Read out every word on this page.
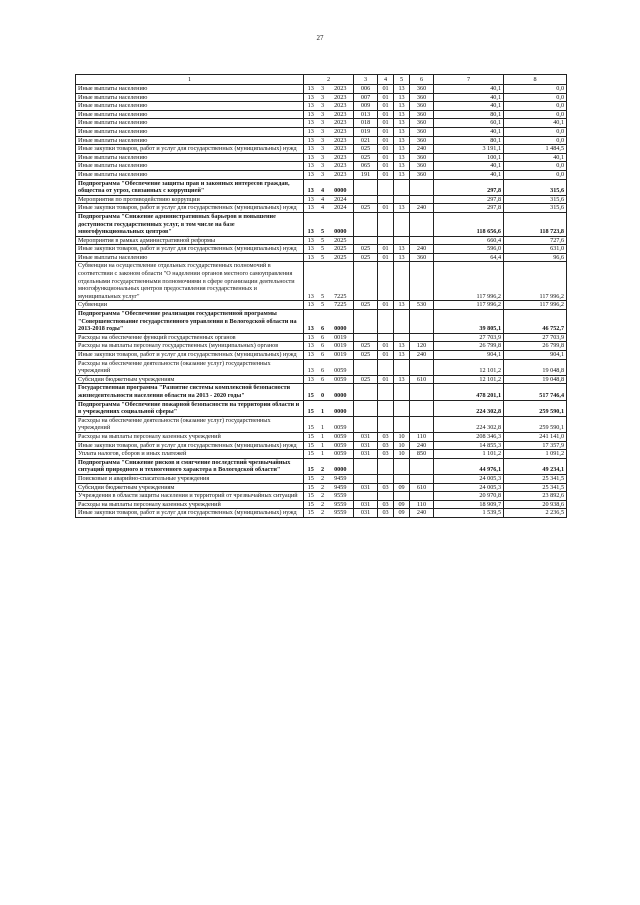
27
1	2			3	4	5	6	7	8
Иные выплаты населению	13	3	2023	006	01	13	360	40,1	0,0
Иные выплаты населению	13	3	2023	007	01	13	360	40,1	0,0
Иные выплаты населению	13	3	2023	009	01	13	360	40,1	0,0
Иные выплаты населению	13	3	2023	013	01	13	360	80,1	0,0
Иные выплаты населению	13	3	2023	018	01	13	360	60,1	40,1
Иные выплаты населению	13	3	2023	019	01	13	360	40,1	0,0
Иные выплаты населению	13	3	2023	021	01	13	360	80,1	0,0
Иные закупки товаров, работ и услуг для государственных (муниципальных) нужд	13	3	2023	025	01	13	240	3 191,1	1 484,5
Иные выплаты населению	13	3	2023	025	01	13	360	100,1	40,1
Иные выплаты населению	13	3	2023	065	01	13	360	40,1	0,0
Иные выплаты населению	13	3	2023	191	01	13	360	40,1	0,0
Подпрограмма "Обеспечение защиты прав и законных интересов граждан, общества от угроз, связанных с коррупцией"	13	4	0000					297,8	315,6
Мероприятия по противодействию коррупции	13	4	2024					297,8	315,6
Иные закупки товаров, работ и услуг для государственных (муниципальных) нужд	13	4	2024	025	01	13	240	297,8	315,6
Подпрограмма "Снижение административных барьеров и повышение доступности государственных услуг, в том числе на базе многофункциональных центров"	13	5	0000					118 656,6	118 723,8
Мероприятия в рамках административной реформы	13	5	2025					660,4	727,6
Иные закупки товаров, работ и услуг для государственных (муниципальных) нужд	13	5	2025	025	01	13	240	596,0	631,0
Иные выплаты населению	13	5	2025	025	01	13	360	64,4	96,6
Субвенции на осуществление отдельных государственных полномочий в соответствии с законом области "О наделении органов местного самоуправления отдельными государственными полномочиями в сфере организации деятельности многофункциональных центров предоставления государственных и муниципальных услуг"	13	5	7225					117 996,2	117 996,2
Субвенции	13	5	7225	025	01	13	530	117 996,2	117 996,2
Подпрограмма "Обеспечение реализации государственной программы "Совершенствование государственного управления в Вологодской области на 2013-2018 годы"	13	6	0000					39 805,1	46 752,7
Расходы на обеспечение функций государственных органов	13	6	0019					27 703,9	27 703,9
Расходы на выплаты персоналу государственных (муниципальных) органов	13	6	0019	025	01	13	120	26 799,8	26 799,8
Иные закупки товаров, работ и услуг для государственных (муниципальных) нужд	13	6	0019	025	01	13	240	904,1	904,1
Расходы на обеспечение деятельности (оказание услуг) государственных учреждений	13	6	0059					12 101,2	19 048,8
Субсидии бюджетным учреждениям	13	6	0059	025	01	13	610	12 101,2	19 048,8
Государственная программа "Развитие системы комплексной безопасности жизнедеятельности населения области на 2013 - 2020 годы"	15	0	0000					478 201,1	517 746,4
Подпрограмма "Обеспечение пожарной безопасности на территории области и в учреждениях социальной сферы"	15	1	0000					224 302,8	259 590,1
Расходы на обеспечение деятельности (оказание услуг) государственных учреждений	15	1	0059					224 302,8	259 590,1
Расходы на выплаты персоналу казенных учреждений	15	1	0059	031	03	10	110	208 346,3	241 141,0
Иные закупки товаров, работ и услуг для государственных (муниципальных) нужд	15	1	0059	031	03	10	240	14 855,3	17 357,9
Уплата налогов, сборов и иных платежей	15	1	0059	031	03	10	850	1 101,2	1 091,2
Подпрограмма "Снижение рисков и смягчение последствий чрезвычайных ситуаций природного и техногенного характера в Вологодской области"	15	2	0000					44 976,1	49 234,1
Поисковые и аварийно-спасательные учреждения	15	2	9459					24 005,3	25 341,5
Субсидии бюджетным учреждениям	15	2	9459	031	03	09	610	24 005,3	25 341,5
Учреждения в области защиты населения и территорий от чрезвычайных ситуаций	15	2	9559					20 970,8	23 892,6
Расходы на выплаты персоналу казенных учреждений	15	2	9559	031	03	09	110	18 909,7	20 938,6
Иные закупки товаров, работ и услуг для государственных (муниципальных) нужд	15	2	9559	031	03	09	240	1 539,5	2 236,5
